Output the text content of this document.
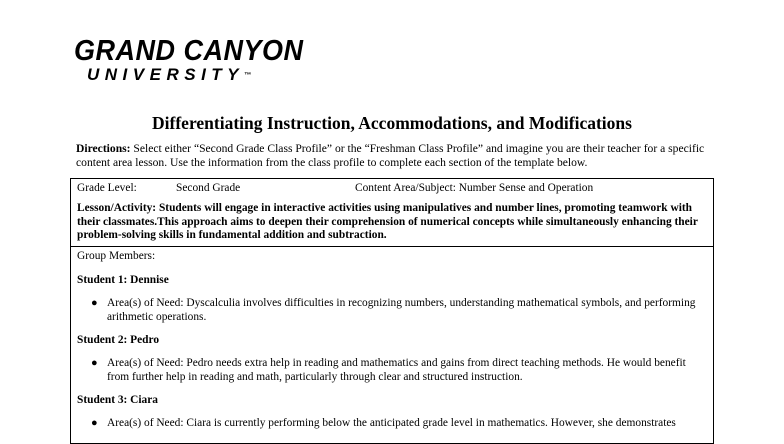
GRAND CANYON
UNIVERSITY™
Differentiating Instruction, Accommodations, and Modifications
Directions: Select either “Second Grade Class Profile” or the “Freshman Class Profile” and imagine you are their teacher for a specific content area lesson. Use the information from the class profile to complete each section of the template below.
Grade Level:	Second Grade	Content Area/Subject: Number Sense and Operation
Lesson/Activity: Students will engage in interactive activities using manipulatives and number lines, promoting teamwork with their classmates.This approach aims to deepen their comprehension of numerical concepts while simultaneously enhancing their problem-solving skills in fundamental addition and subtraction.

Group Members:
Student 1: Dennise
● Area(s) of Need: Dyscalculia involves difficulties in recognizing numbers, understanding mathematical symbols, and performing arithmetic operations.
Student 2: Pedro
● Area(s) of Need: Pedro needs extra help in reading and mathematics and gains from direct teaching methods. He would benefit from further help in reading and math, particularly through clear and structured instruction.
Student 3: Ciara
● Area(s) of Need: Ciara is currently performing below the anticipated grade level in mathematics. However, she demonstrates
